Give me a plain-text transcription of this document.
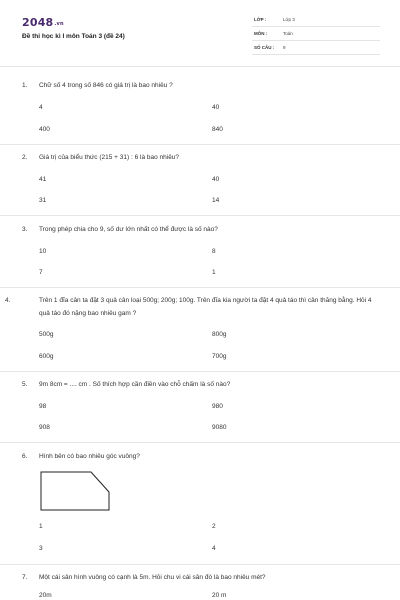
2048.vn
Đề thi học kì I môn Toán 3 (đề 24)
LỚP :	Lớp 3
MÔN :	Toán
SỐ CÂU : 9
1. Chữ số 4 trong số 846 có giá trị là bao nhiêu ?
4	40
400	840
2. Giá trị của biểu thức (215 + 31) : 6 là bao nhiêu?
41	40
31	14
3. Trong phép chia cho 9, số dư lớn nhất có thể được là số nào?
10	8
7	1
4.	Trên 1 đĩa cân ta đặt 3 quả cân loại 500g; 200g; 100g. Trên đĩa kia người ta đặt 4 quả táo thì cân thăng bằng. Hỏi 4 quả táo đó nặng bao nhiêu gam ?
500g	800g
600g	700g
5. 9m 8cm = .... cm . Số thích hợp cần điền vào chỗ chấm là số nào?
98	980
908	9080
6. Hình bên có bao nhiêu góc vuông?
1	2
3	4
7. Một cái sân hình vuông có cạnh là 5m. Hỏi chu vi cái sân đó là bao nhiêu mét?
20m	20 m
